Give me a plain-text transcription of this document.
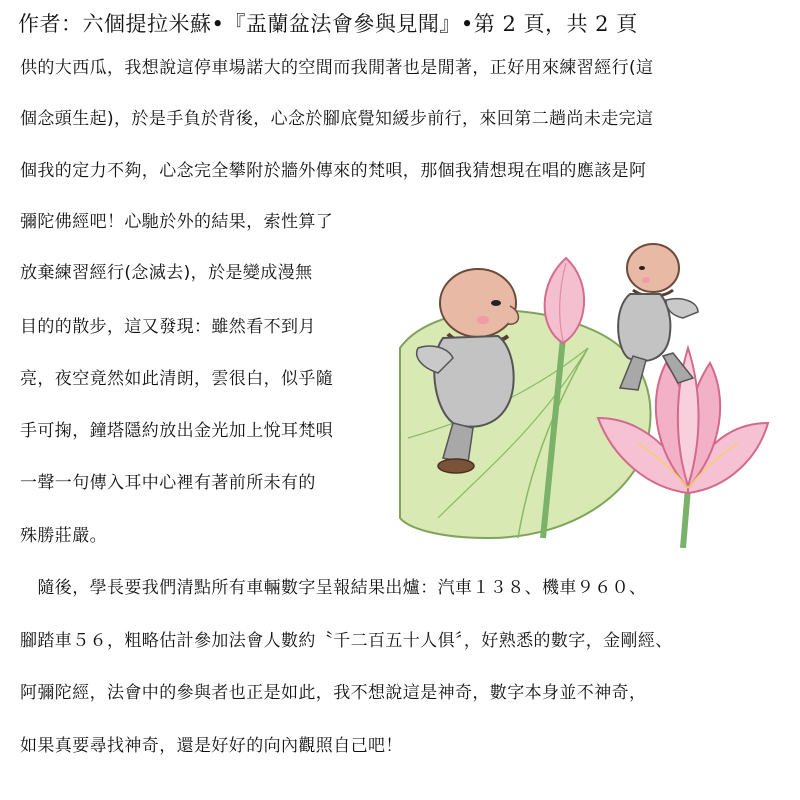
作者：六個提拉米蘇•『盂蘭盆法會參與見聞』•第 2 頁，共 2 頁
供的大西瓜，我想說這停車場諾大的空間而我閒著也是閒著，正好用來練習經行(這
個念頭生起)，於是手負於背後，心念於腳底覺知緩步前行，來回第二趟尚未走完這
個我的定力不夠，心念完全攀附於牆外傳來的梵唄，那個我猜想現在唱的應該是阿
彌陀佛經吧！心馳於外的結果，索性算了
放棄練習經行(念滅去)，於是變成漫無
目的的散步，這又發現：雖然看不到月
亮，夜空竟然如此清朗，雲很白，似乎隨
手可掬，鐘塔隱約放出金光加上悅耳梵唄
一聲一句傳入耳中心裡有著前所未有的
殊勝莊嚴。
　隨後，學長要我們清點所有車輛數字呈報結果出爐：汽車１３８、機車９６０、
腳踏車５６，粗略估計參加法會人數約〝千二百五十人俱〞，好熟悉的數字，金剛經、
阿彌陀經，法會中的參與者也正是如此，我不想說這是神奇，數字本身並不神奇，
如果真要尋找神奇，還是好好的向內觀照自己吧！
